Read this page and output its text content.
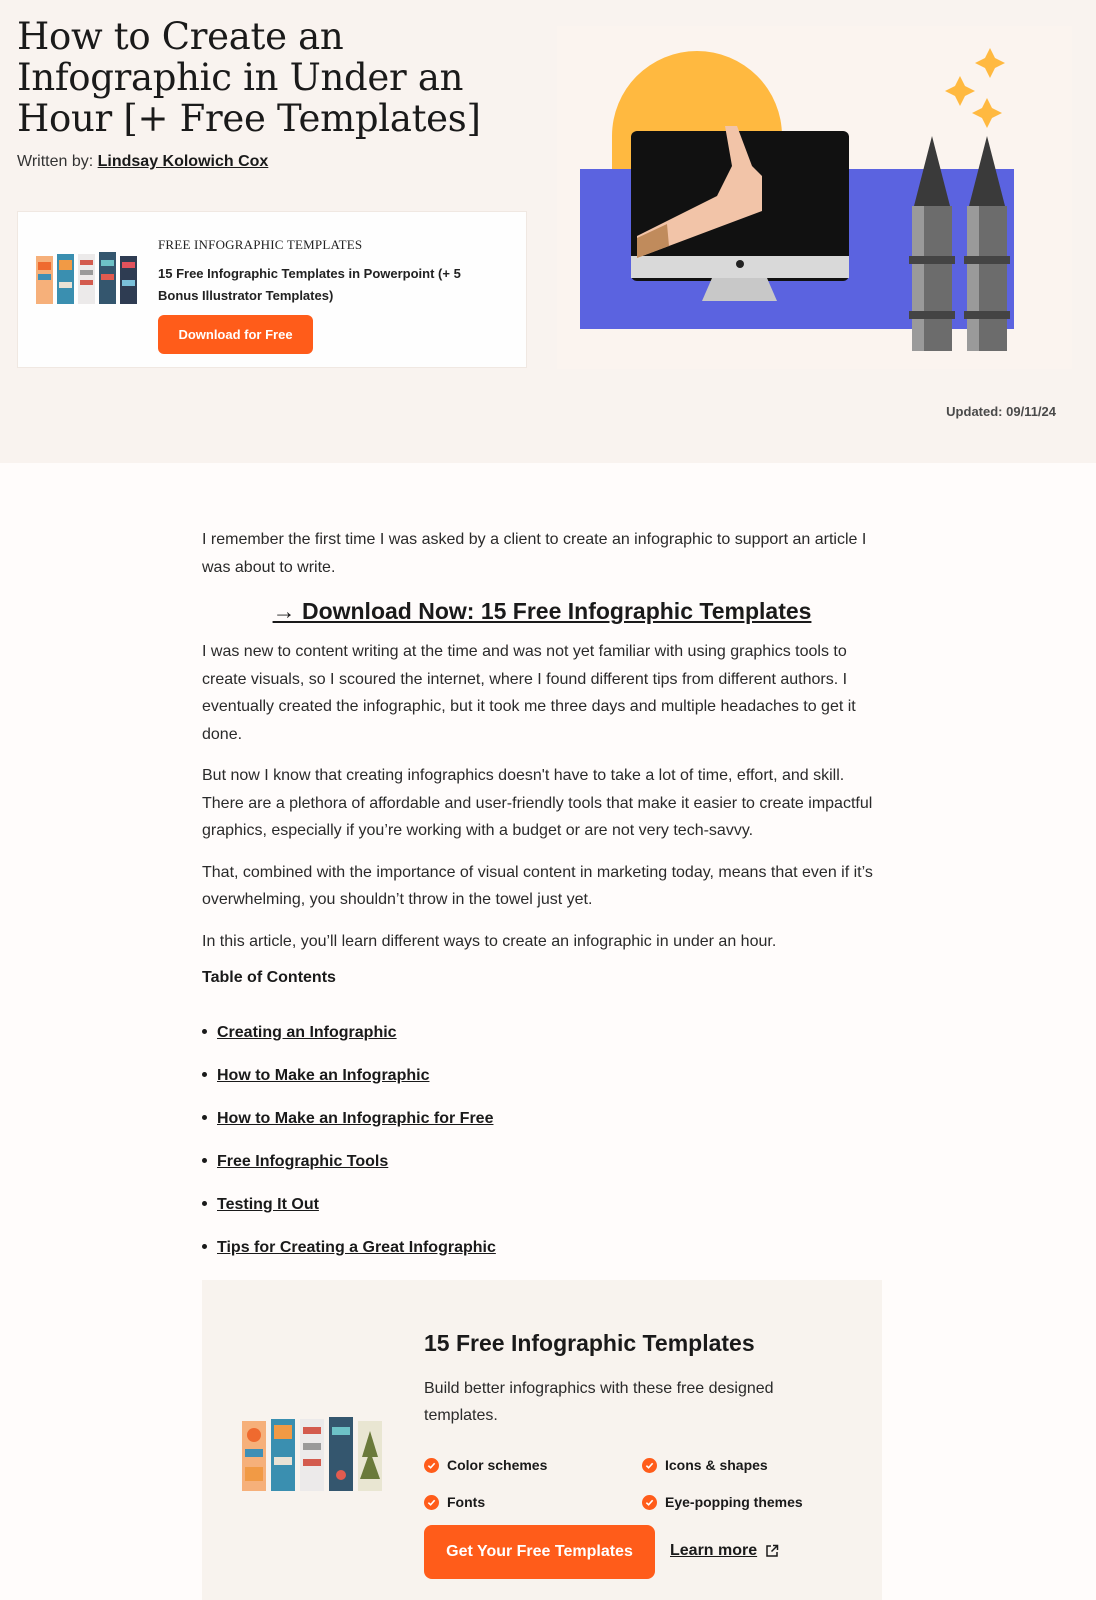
How to Create an Infographic in Under an Hour [+ Free Templates]
Written by: Lindsay Kolowich Cox
FREE INFOGRAPHIC TEMPLATES
15 Free Infographic Templates in Powerpoint (+ 5 Bonus Illustrator Templates)
Download for Free
Updated: 09/11/24

I remember the first time I was asked by a client to create an infographic to support an article I was about to write.

→ Download Now: 15 Free Infographic Templates

I was new to content writing at the time and was not yet familiar with using graphics tools to create visuals, so I scoured the internet, where I found different tips from different authors. I eventually created the infographic, but it took me three days and multiple headaches to get it done.

But now I know that creating infographics doesn't have to take a lot of time, effort, and skill. There are a plethora of affordable and user-friendly tools that make it easier to create impactful graphics, especially if you’re working with a budget or are not very tech-savvy.

That, combined with the importance of visual content in marketing today, means that even if it’s overwhelming, you shouldn’t throw in the towel just yet.

In this article, you’ll learn different ways to create an infographic in under an hour.

Table of Contents

Creating an Infographic
How to Make an Infographic
How to Make an Infographic for Free
Free Infographic Tools
Testing It Out
Tips for Creating a Great Infographic
15 Free Infographic Templates

Build better infographics with these free designed templates.

Color schemes	Icons & shapes
Fonts	Eye-popping themes
Get Your Free Templates	Learn more
